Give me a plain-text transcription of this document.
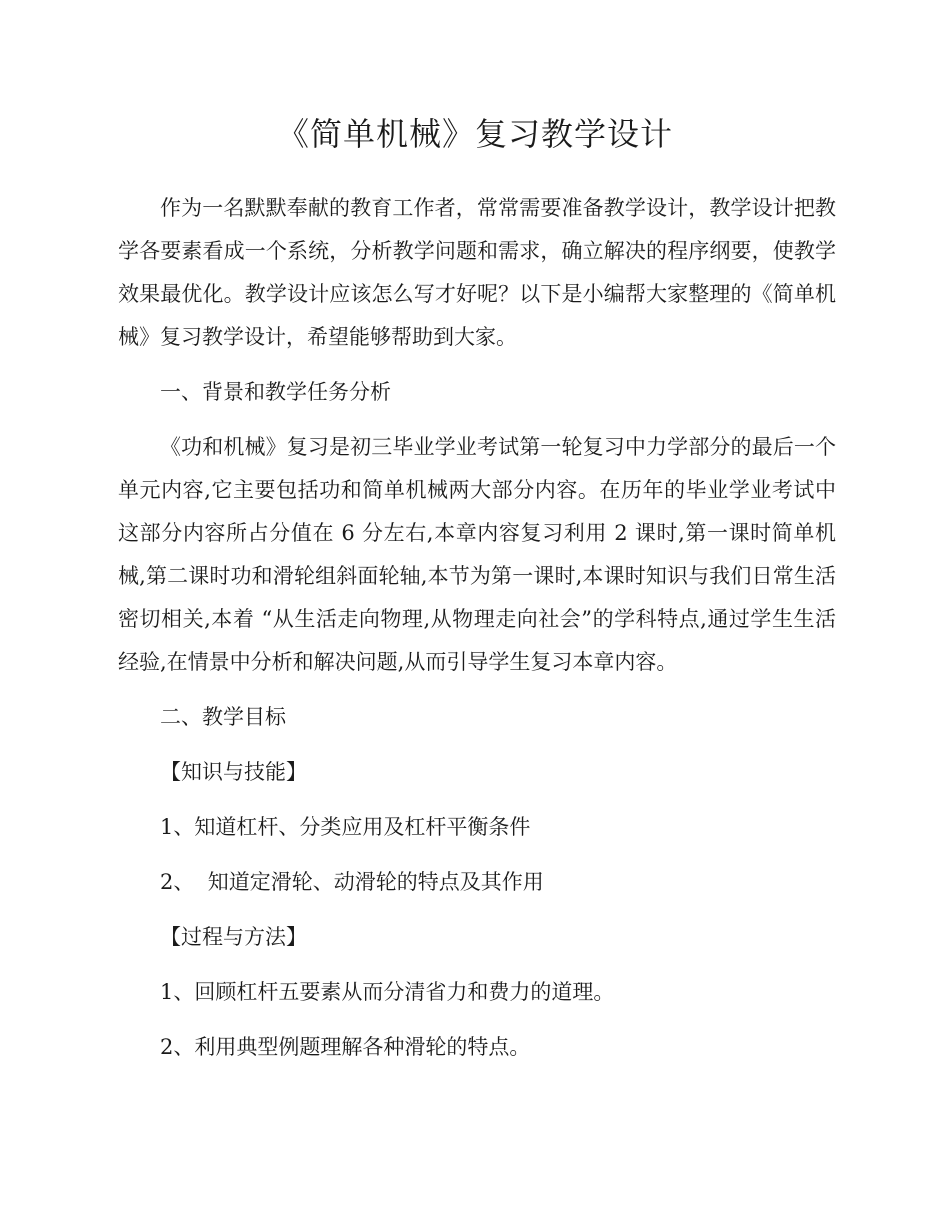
《简单机械》复习教学设计

作为一名默默奉献的教育工作者，常常需要准备教学设计，教学设计把教学各要素看成一个系统，分析教学问题和需求，确立解决的程序纲要，使教学效果最优化。教学设计应该怎么写才好呢？以下是小编帮大家整理的《简单机械》复习教学设计，希望能够帮助到大家。

一、背景和教学任务分析

《功和机械》复习是初三毕业学业考试第一轮复习中力学部分的最后一个单元内容,它主要包括功和简单机械两大部分内容。在历年的毕业学业考试中这部分内容所占分值在 6 分左右,本章内容复习利用 2 课时,第一课时简单机械,第二课时功和滑轮组斜面轮轴,本节为第一课时,本课时知识与我们日常生活密切相关,本着 “从生活走向物理,从物理走向社会”的学科特点,通过学生生活经验,在情景中分析和解决问题,从而引导学生复习本章内容。

二、教学目标

【知识与技能】

1、知道杠杆、分类应用及杠杆平衡条件

2、  知道定滑轮、动滑轮的特点及其作用

【过程与方法】

1、回顾杠杆五要素从而分清省力和费力的道理。

2、利用典型例题理解各种滑轮的特点。
